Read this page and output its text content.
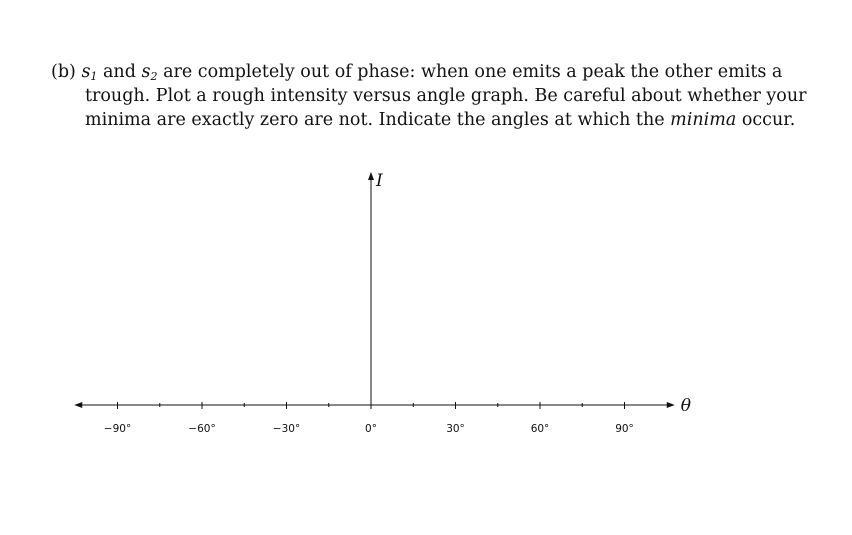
(b) $s_1$ and $s_2$ are completely out of phase: when one emits a peak the other emits a
trough. Plot a rough intensity versus angle graph. Be careful about whether your
minima are exactly zero are not. Indicate the angles at which the minima occur.
I
θ
−90°	−60°	−30°	0°	30°	60°	90°
